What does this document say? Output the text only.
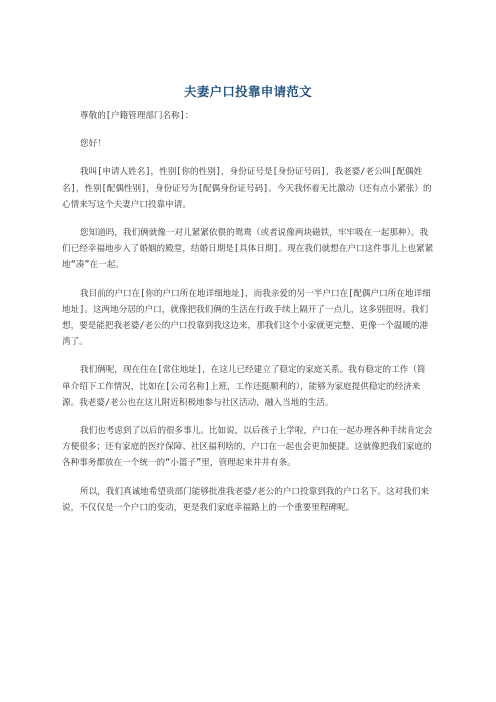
夫妻户口投靠申请范文

尊敬的[户籍管理部门名称]：

您好！

我叫[申请人姓名]，性别[你的性别]，身份证号是[身份证号码]，我老婆/老公叫[配偶姓名]，性别[配偶性别]，身份证号为[配偶身份证号码]。今天我怀着无比激动（还有点小紧张）的心情来写这个夫妻户口投靠申请。

您知道吗，我们俩就像一对儿紧紧依偎的鸳鸯（或者说像两块磁铁，牢牢吸在一起那种）。我们已经幸福地步入了婚姻的殿堂，结婚日期是[具体日期]。现在我们就想在户口这件事儿上也紧紧地“凑”在一起。

我目前的户口在[你的户口所在地详细地址]，而我亲爱的另一半户口在[配偶户口所在地详细地址]。这两地分居的户口，就像把我们俩的生活在行政手续上隔开了一点儿，这多别扭呀。我们想，要是能把我老婆/老公的户口投靠到我这边来，那我们这个小家就更完整、更像一个温暖的港湾了。

我们俩呢，现在住在[常住地址]，在这儿已经建立了稳定的家庭关系。我有稳定的工作（简单介绍下工作情况，比如在[公司名称]上班，工作还挺顺利的），能够为家庭提供稳定的经济来源。我老婆/老公也在这儿附近积极地参与社区活动，融入当地的生活。

我们也考虑到了以后的很多事儿。比如说，以后孩子上学啦，户口在一起办理各种手续肯定会方便很多；还有家庭的医疗保障、社区福利啥的，户口在一起也会更加便捷。这就像把我们家庭的各种事务都放在一个统一的“小篮子”里，管理起来井井有条。

所以，我们真诚地希望贵部门能够批准我老婆/老公的户口投靠到我的户口名下。这对我们来说，不仅仅是一个户口的变动，更是我们家庭幸福路上的一个重要里程碑呢。
